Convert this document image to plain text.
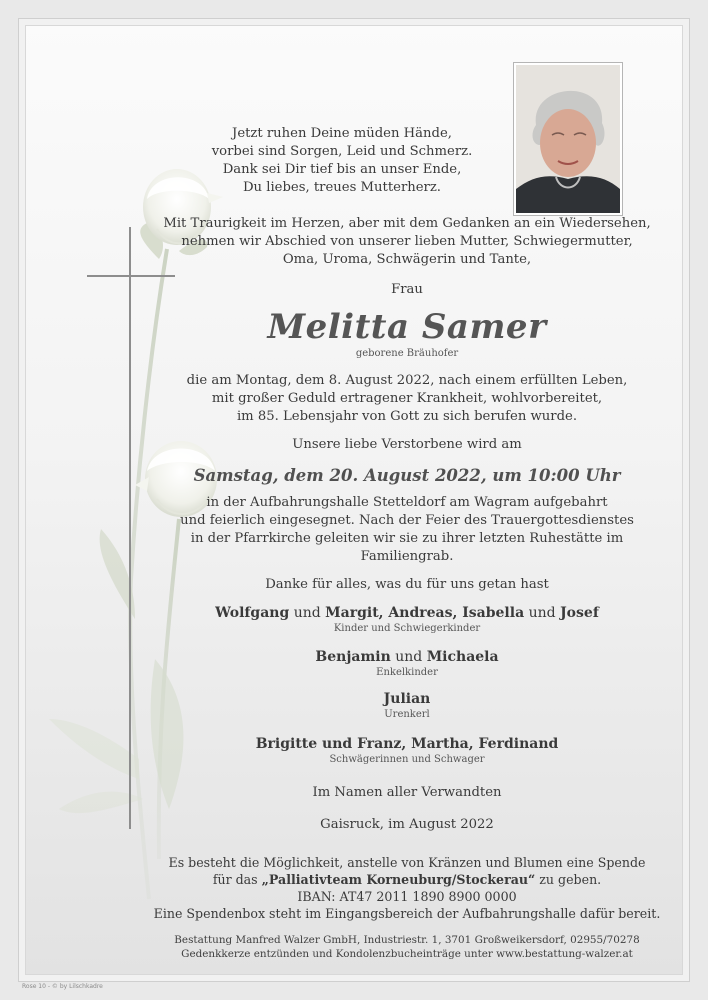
Jetzt ruhen Deine müden Hände,
vorbei sind Sorgen, Leid und Schmerz.
Dank sei Dir tief bis an unser Ende,
Du liebes, treues Mutterherz.

Mit Traurigkeit im Herzen, aber mit dem Gedanken an ein Wiedersehen,
nehmen wir Abschied von unserer lieben Mutter, Schwiegermutter,
Oma, Uroma, Schwägerin und Tante,

Frau

Melitta Samer

geborene Bräuhofer

die am Montag, dem 8. August 2022, nach einem erfüllten Leben,
mit großer Geduld ertragener Krankheit, wohlvorbereitet,
im 85. Lebensjahr von Gott zu sich berufen wurde.

Unsere liebe Verstorbene wird am

Samstag, dem 20. August 2022, um 10:00 Uhr

in der Aufbahrungshalle Stetteldorf am Wagram aufgebahrt
und feierlich eingesegnet. Nach der Feier des Trauergottesdienstes
in der Pfarrkirche geleiten wir sie zu ihrer letzten Ruhestätte im Familiengrab.

Danke für alles, was du für uns getan hast

Wolfgang und Margit, Andreas, Isabella und Josef

Kinder und Schwiegerkinder

Benjamin und Michaela

Enkelkinder

Julian

Urenkerl

Brigitte und Franz, Martha, Ferdinand

Schwägerinnen und Schwager

Im Namen aller Verwandten

Gaisruck, im August 2022

Es besteht die Möglichkeit, anstelle von Kränzen und Blumen eine Spende
für das „Palliativteam Korneuburg/Stockerau“ zu geben.
IBAN: AT47 2011 1890 8900 0000
Eine Spendenbox steht im Eingangsbereich der Aufbahrungshalle dafür bereit.

Bestattung Manfred Walzer GmbH, Industriestr. 1, 3701 Großweikersdorf, 02955/70278
Gedenkkerze entzünden und Kondolenzbucheinträge unter www.bestattung-walzer.at

Rose 10 - © by Lilschkadre
